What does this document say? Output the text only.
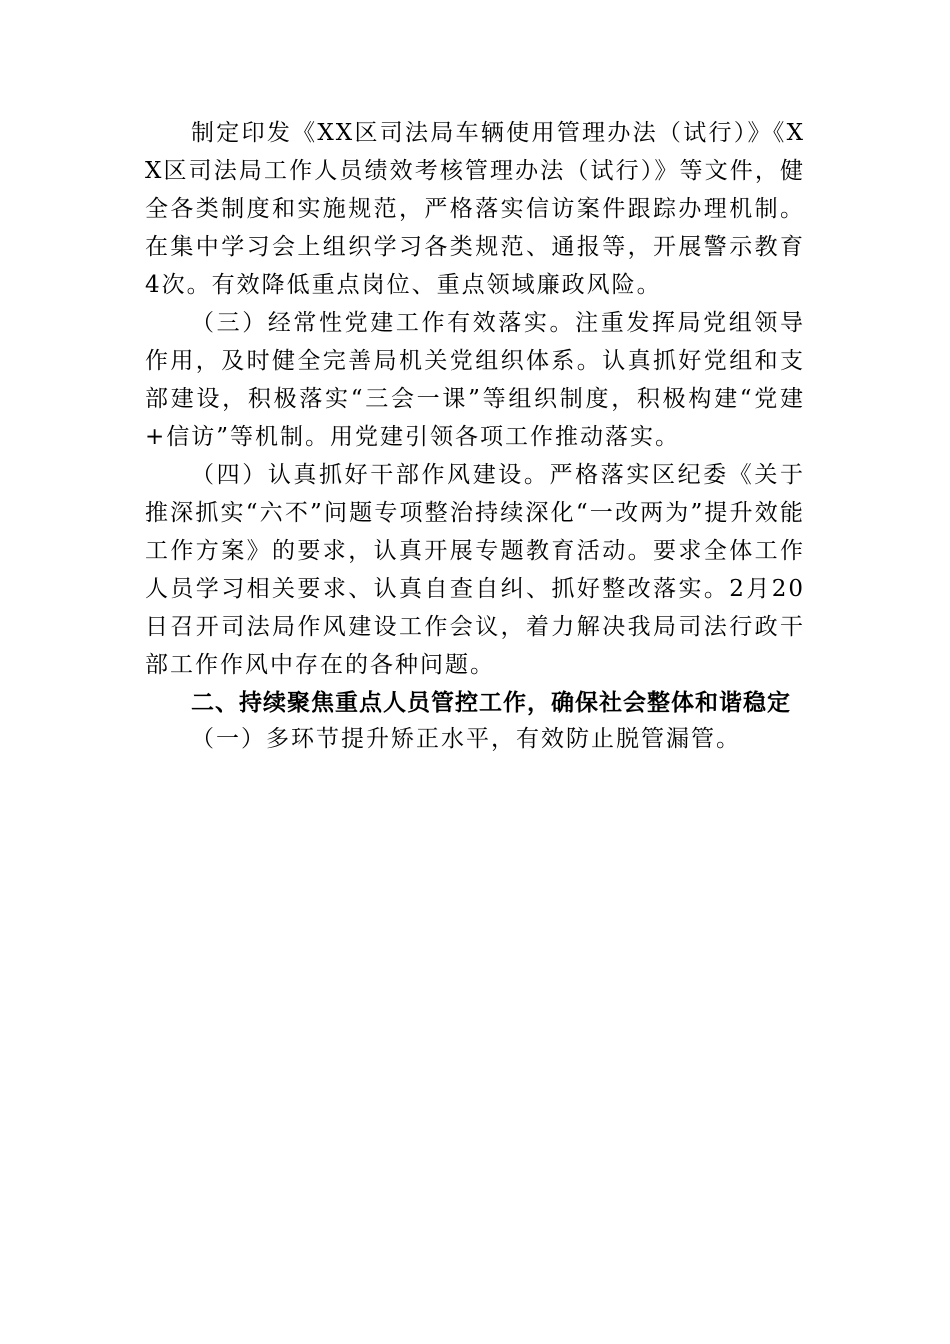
制定印发《XX区司法局车辆使用管理办法（试行）》《XX区司法局工作人员绩效考核管理办法（试行）》等文件，健全各类制度和实施规范，严格落实信访案件跟踪办理机制。在集中学习会上组织学习各类规范、通报等，开展警示教育4次。有效降低重点岗位、重点领域廉政风险。

（三）经常性党建工作有效落实。注重发挥局党组领导作用，及时健全完善局机关党组织体系。认真抓好党组和支部建设，积极落实“三会一课”等组织制度，积极构建“党建+信访”等机制。用党建引领各项工作推动落实。

（四）认真抓好干部作风建设。严格落实区纪委《关于推深抓实“六不”问题专项整治持续深化“一改两为”提升效能工作方案》的要求，认真开展专题教育活动。要求全体工作人员学习相关要求、认真自查自纠、抓好整改落实。2月20日召开司法局作风建设工作会议，着力解决我局司法行政干部工作作风中存在的各种问题。

二、持续聚焦重点人员管控工作，确保社会整体和谐稳定

（一）多环节提升矫正水平，有效防止脱管漏管。
